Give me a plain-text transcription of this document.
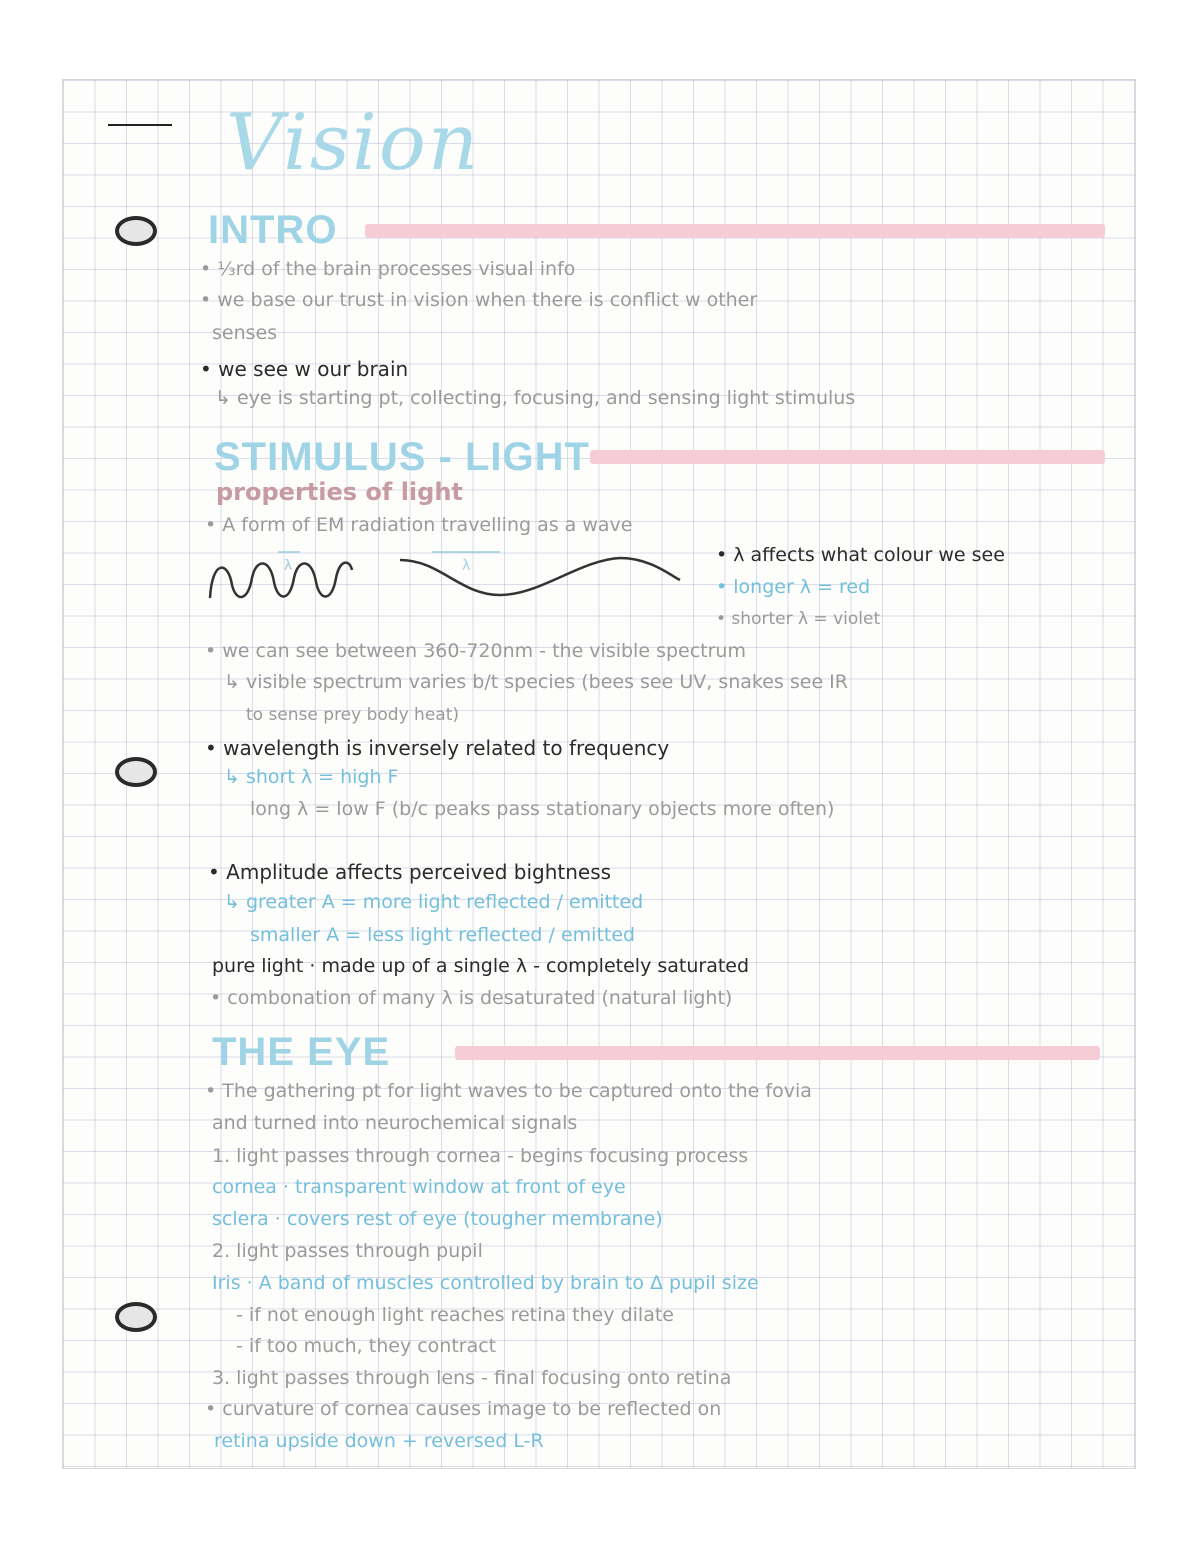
Vision
INTRO
• ⅓rd of the brain processes visual info
• we base our trust in vision when there is conflict w other
senses
• we see w our brain
↳ eye is starting pt, collecting, focusing, and sensing light stimulus
STIMULUS - LIGHT
properties of light
• A form of EM radiation travelling as a wave
λ	λ	• λ affects what colour we see
• longer λ = red
• shorter λ = violet
• we can see between 360-720nm - the visible spectrum
↳ visible spectrum varies b/t species (bees see UV, snakes see IR
to sense prey body heat)
• wavelength is inversely related to frequency
↳ short λ = high F
long λ = low F (b/c peaks pass stationary objects more often)
• Amplitude affects perceived bightness
↳ greater A = more light reflected / emitted
smaller A = less light reflected / emitted
pure light · made up of a single λ - completely saturated
• combonation of many λ is desaturated (natural light)
THE EYE
• The gathering pt for light waves to be captured onto the fovia
and turned into neurochemical signals
1. light passes through cornea - begins focusing process
cornea · transparent window at front of eye
sclera · covers rest of eye (tougher membrane)
2. light passes through pupil
Iris · A band of muscles controlled by brain to Δ pupil size
- if not enough light reaches retina they dilate
- if too much, they contract
3. light passes through lens - final focusing onto retina
• curvature of cornea causes image to be reflected on
retina upside down + reversed L-R
